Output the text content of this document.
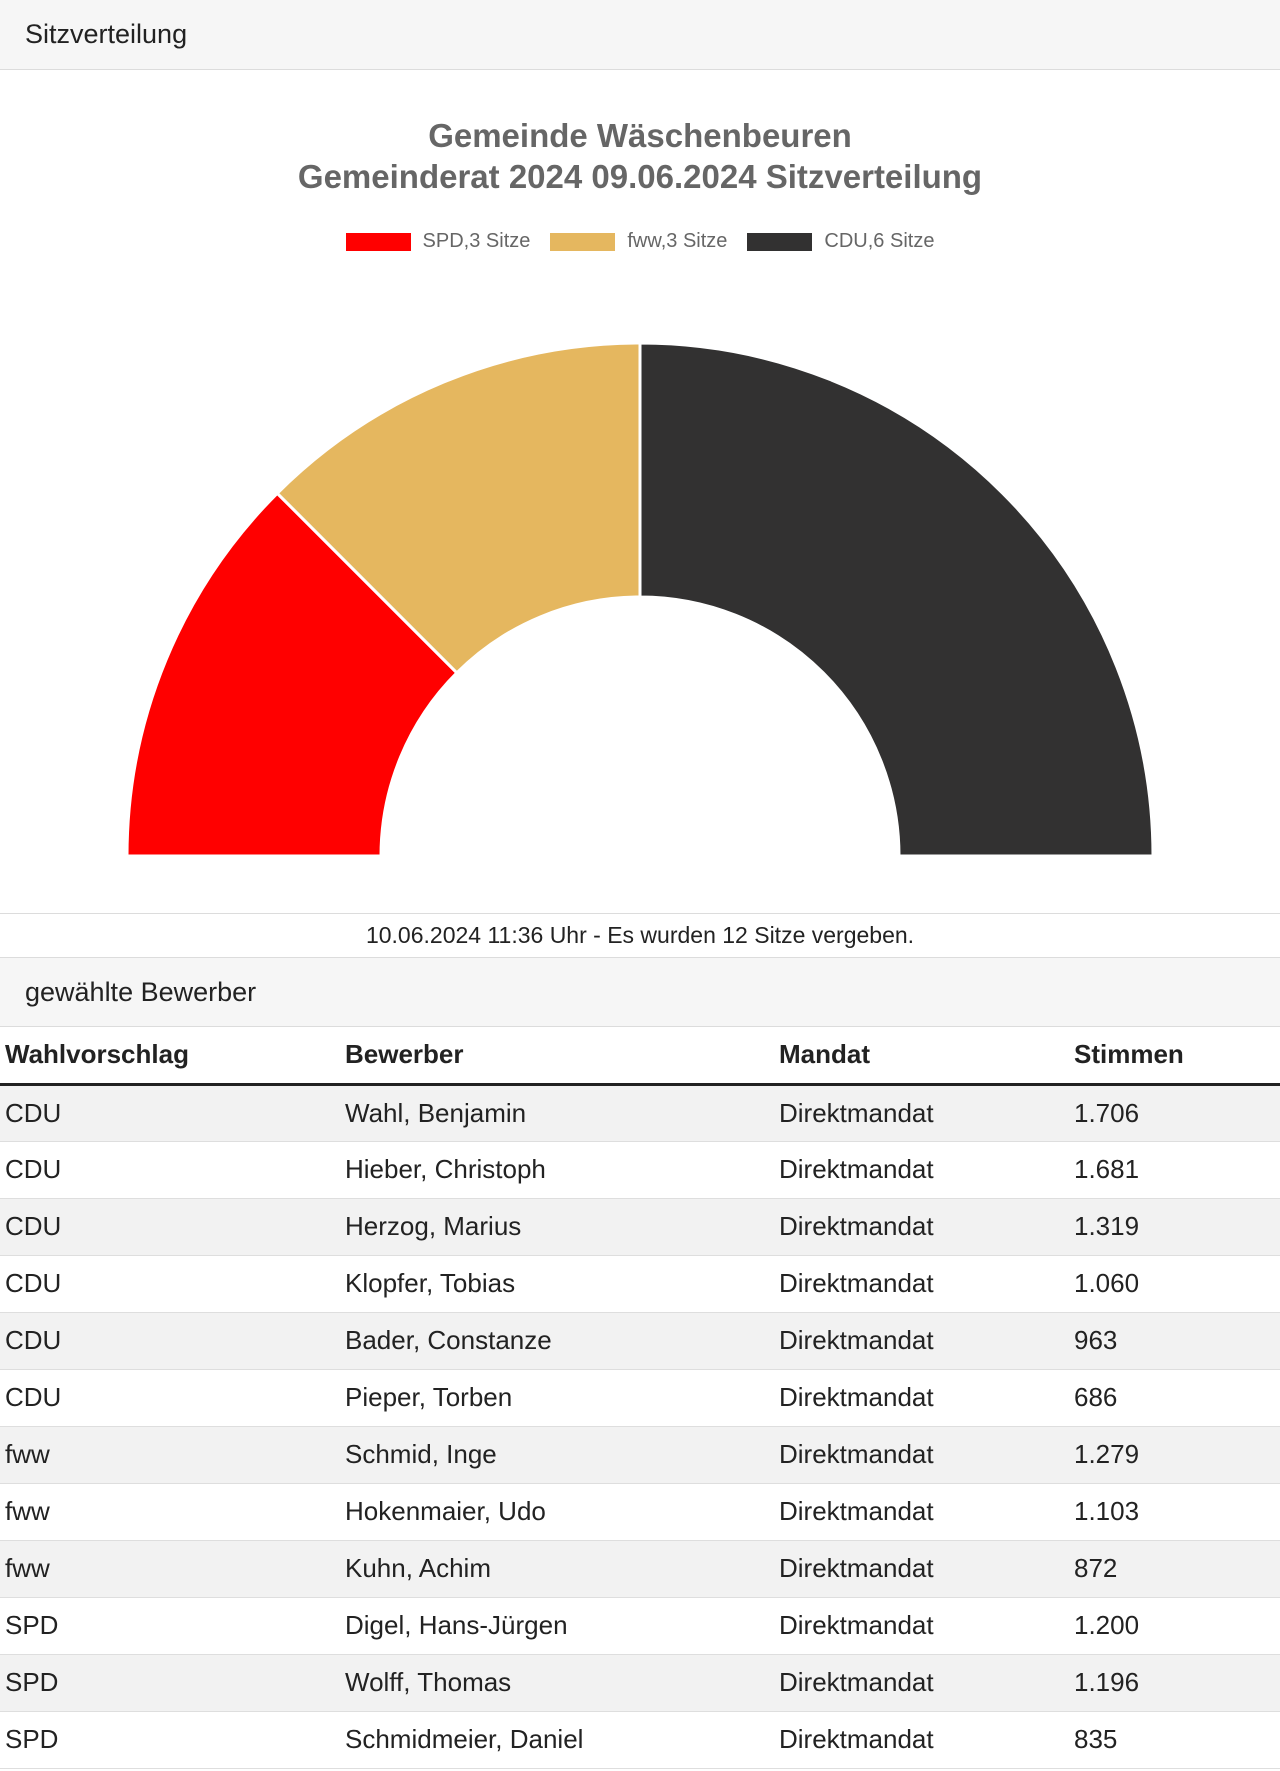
Sitzverteilung
Gemeinde Wäschenbeuren
Gemeinderat 2024 09.06.2024 Sitzverteilung
SPD,3 Sitze	fww,3 Sitze	CDU,6 Sitze
10.06.2024 11:36 Uhr - Es wurden 12 Sitze vergeben.
gewählte Bewerber
Wahlvorschlag	Bewerber	Mandat	Stimmen
CDU	Wahl, Benjamin	Direktmandat	1.706
CDU	Hieber, Christoph	Direktmandat	1.681
CDU	Herzog, Marius	Direktmandat	1.319
CDU	Klopfer, Tobias	Direktmandat	1.060
CDU	Bader, Constanze	Direktmandat	963
CDU	Pieper, Torben	Direktmandat	686
fww	Schmid, Inge	Direktmandat	1.279
fww	Hokenmaier, Udo	Direktmandat	1.103
fww	Kuhn, Achim	Direktmandat	872
SPD	Digel, Hans-Jürgen	Direktmandat	1.200
SPD	Wolff, Thomas	Direktmandat	1.196
SPD	Schmidmeier, Daniel	Direktmandat	835
